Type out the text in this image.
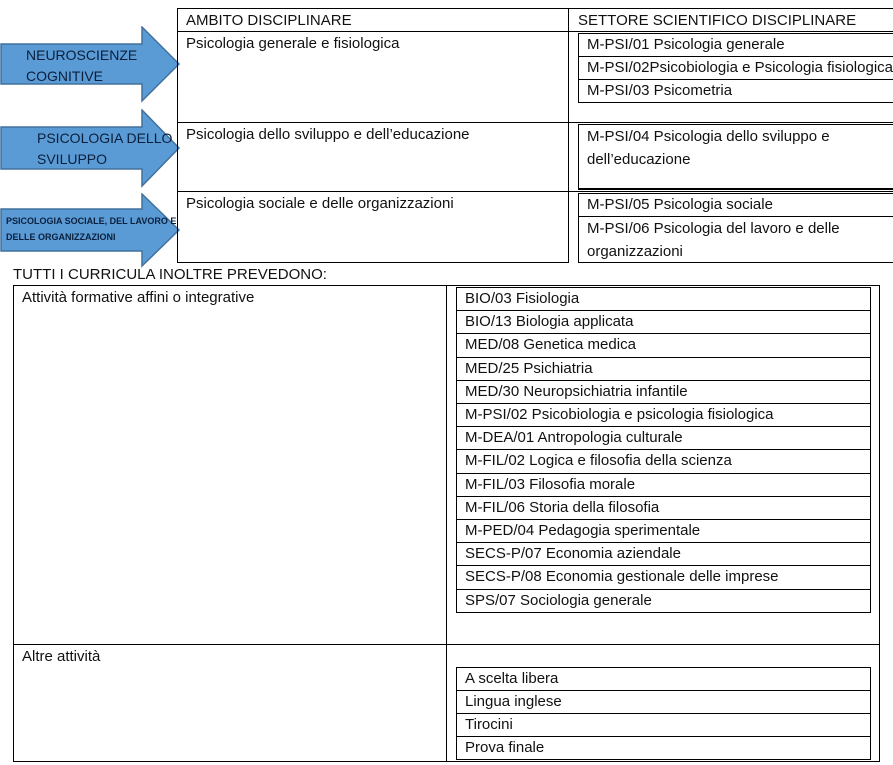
NEUROSCIENZE COGNITIVE
PSICOLOGIA DELLO SVILUPPO
PSICOLOGIA SOCIALE, DEL LAVORO E DELLE ORGANIZZAZIONI
AMBITO DISCIPLINARE	SETTORE SCIENTIFICO DISCIPLINARE
Psicologia generale e fisiologica
Psicologia dello sviluppo e dell’educazione
Psicologia sociale e delle organizzazioni
M-PSI/01 Psicologia generale
M-PSI/02Psicobiologia e Psicologia fisiologica
M-PSI/03 Psicometria
M-PSI/04 Psicologia dello sviluppo e
dell’educazione
M-PSI/05 Psicologia sociale
M-PSI/06 Psicologia del lavoro e delle
organizzazioni
TUTTI I CURRICULA INOLTRE PREVEDONO:
Attività formative affini o integrative
Altre attività
BIO/03 Fisiologia
BIO/13 Biologia applicata
MED/08 Genetica medica
MED/25 Psichiatria
MED/30 Neuropsichiatria infantile
M-PSI/02 Psicobiologia e psicologia fisiologica
M-DEA/01 Antropologia culturale
M-FIL/02 Logica e filosofia della scienza
M-FIL/03 Filosofia morale
M-FIL/06 Storia della filosofia
M-PED/04 Pedagogia sperimentale
SECS-P/07 Economia aziendale
SECS-P/08 Economia gestionale delle imprese
SPS/07 Sociologia generale
A scelta libera
Lingua inglese
Tirocini
Prova finale
